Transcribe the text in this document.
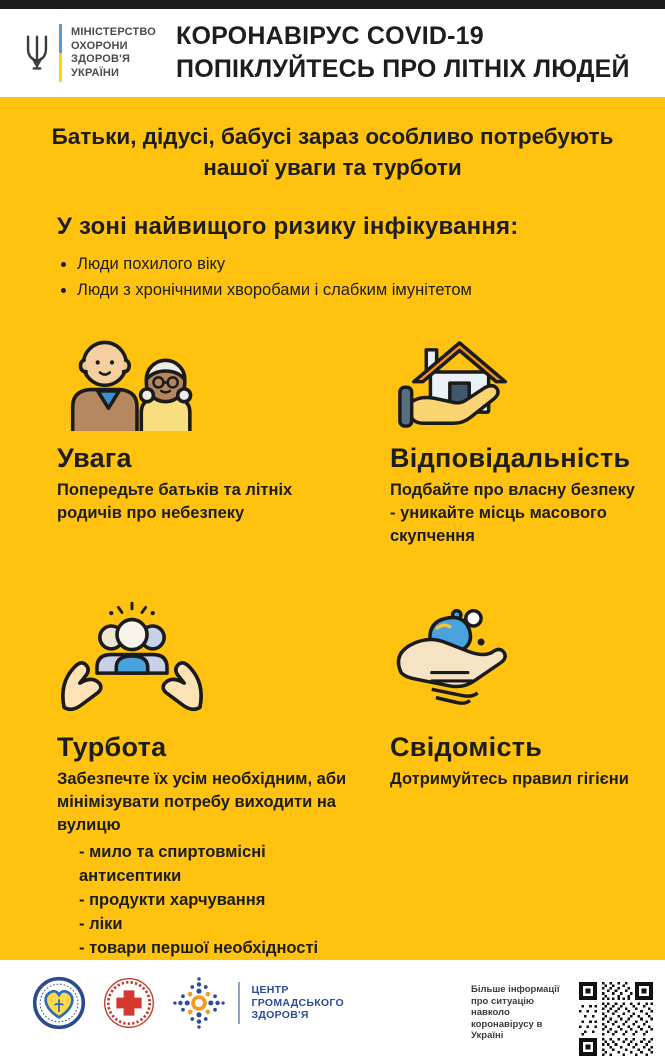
МІНІСТЕРСТВО
ОХОРОНИ
ЗДОРОВ'Я
УКРАЇНИ
КОРОНАВІРУС COVID-19
ПОПІКЛУЙТЕСЬ ПРО ЛІТНІХ ЛЮДЕЙ
Батьки, дідусі, бабусі зараз особливо потребують нашої уваги та турботи
У зоні найвищого ризику інфікування:
• Люди похилого віку
• Люди з хронічними хворобами і слабким імунітетом
Увага
Попередьте батьків та літніх родичів про небезпеку
Відповідальність
Подбайте про власну безпеку - уникайте місць масового скупчення
Турбота
Забезпечте їх усім необхідним, аби мінімізувати потребу виходити на вулицю
- мило та спиртовмісні антисептики
- продукти харчування
- ліки
- товари першої необхідності
Свідомість
Дотримуйтесь правил гігієни
ЦЕНТР
ГРОМАДСЬКОГО
ЗДОРОВ'Я
Більше інформації про ситуацію навколо коронавірусу в Україні
